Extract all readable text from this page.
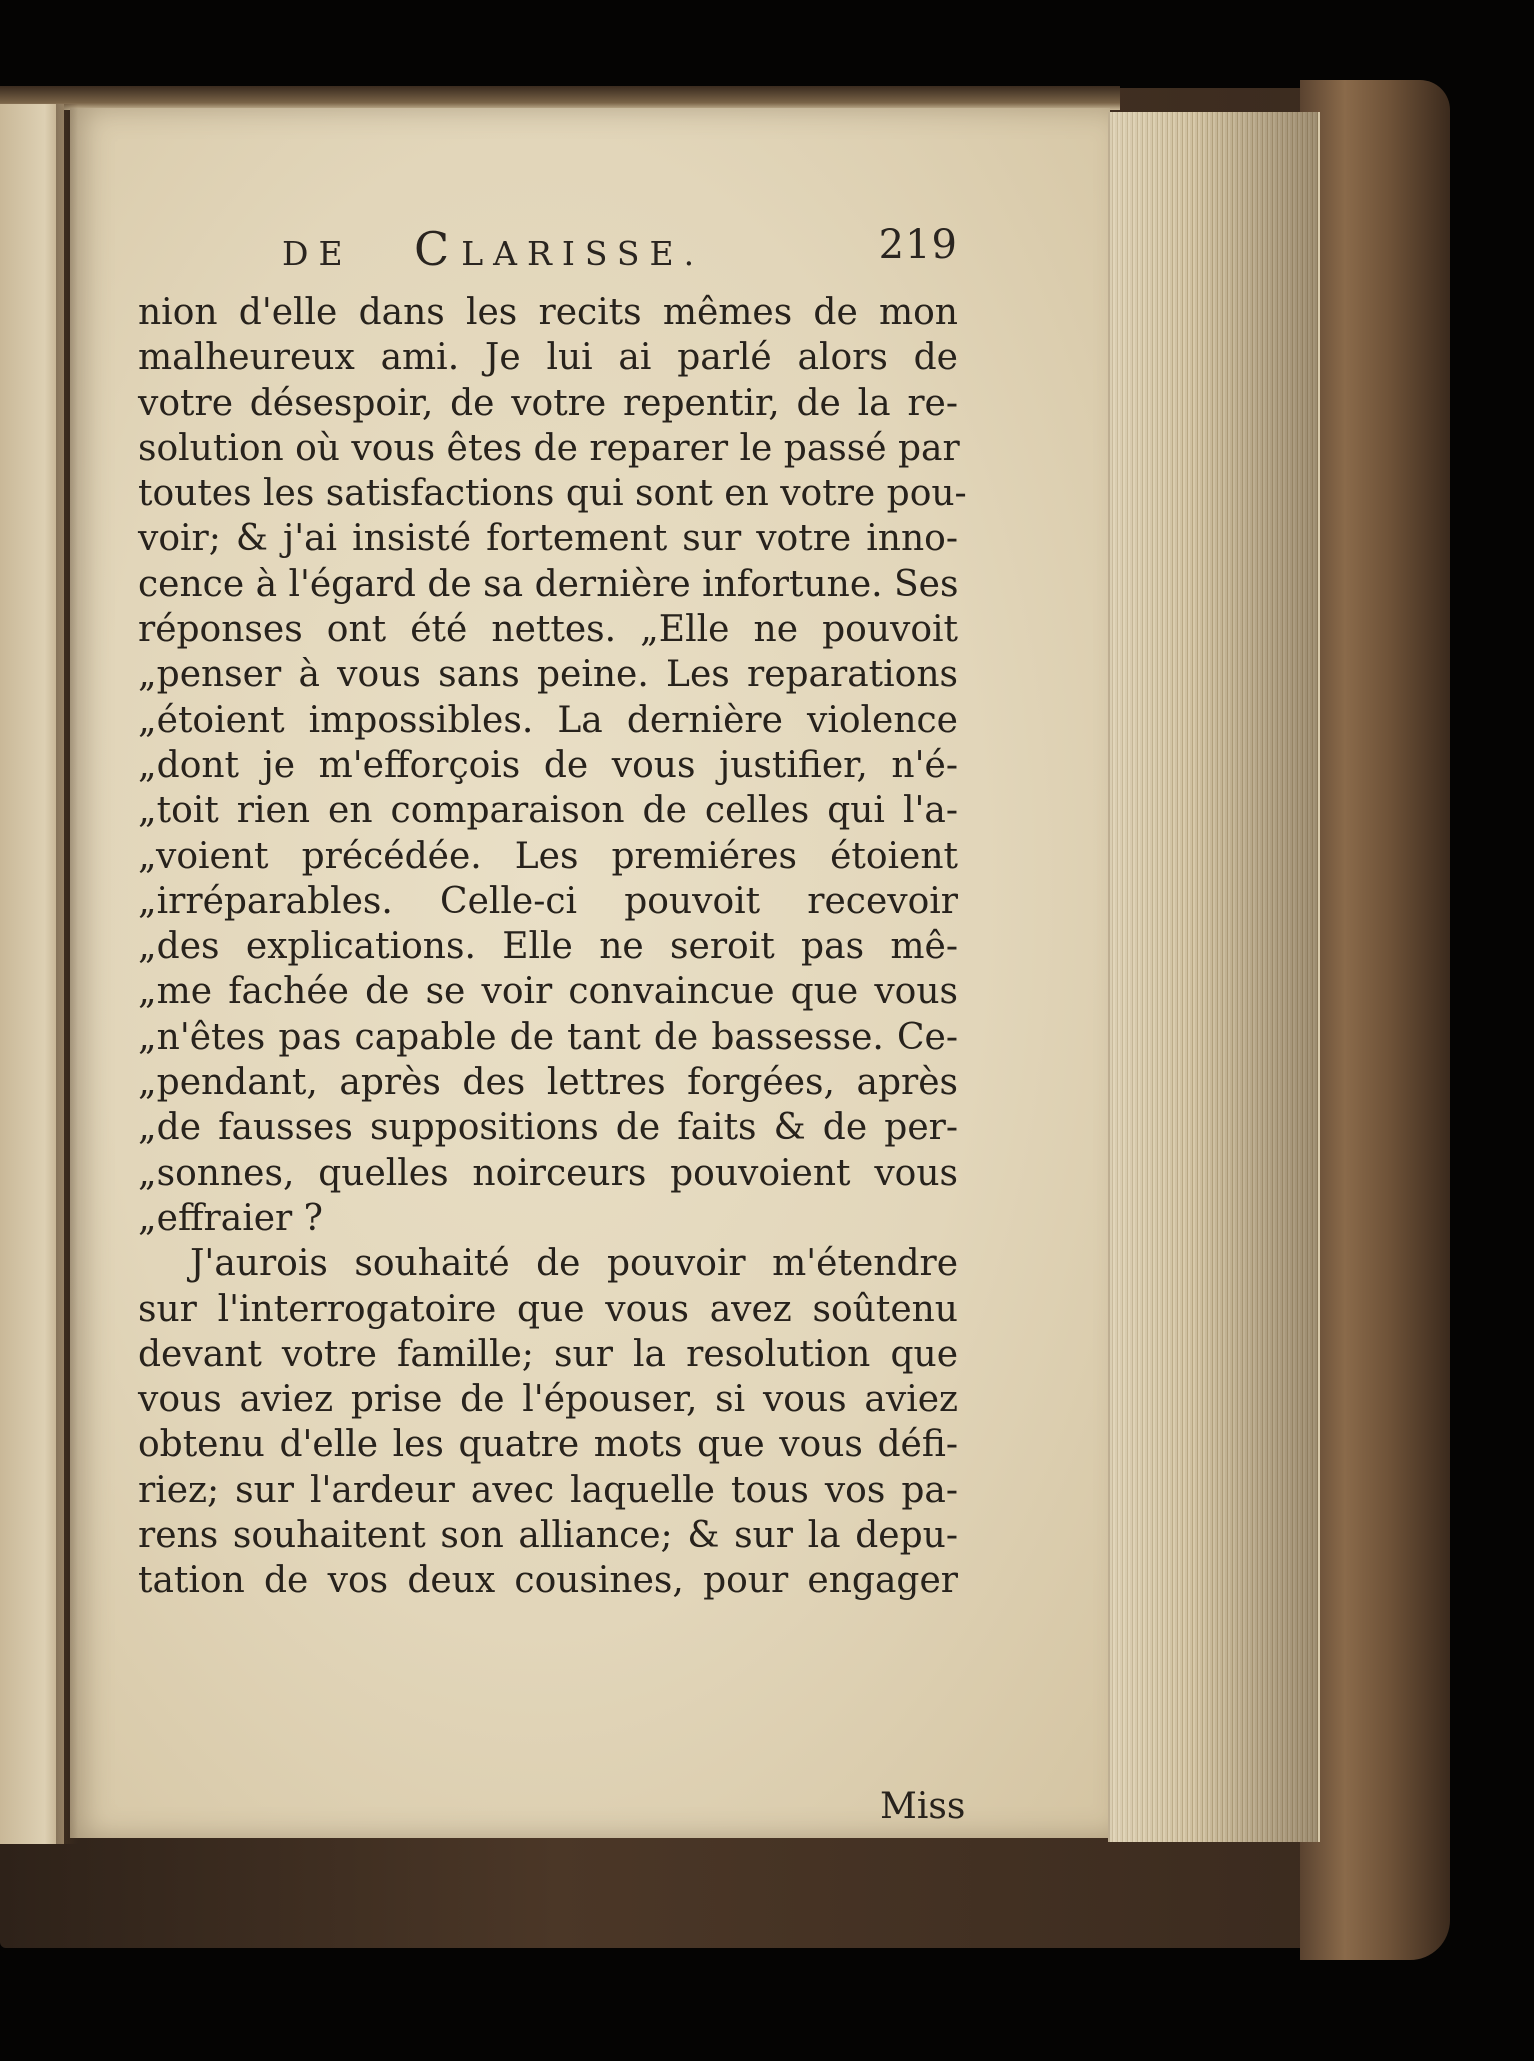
DE CLARISSE.	219
nion d'elle dans les recits mêmes de mon
malheureux ami. Je lui ai parlé alors de
votre désespoir, de votre repentir, de la re-
solution où vous êtes de reparer le passé par
toutes les satisfactions qui sont en votre pou-
voir; & j'ai insisté fortement sur votre inno-
cence à l'égard de sa dernière infortune. Ses
réponses ont été nettes. „Elle ne pouvoit
„penser à vous sans peine. Les reparations
„étoient impossibles. La dernière violence
„dont je m'efforçois de vous justifier, n'é-
„toit rien en comparaison de celles qui l'a-
„voient précédée. Les premiéres étoient
„irréparables. Celle-ci pouvoit recevoir
„des explications. Elle ne seroit pas mê-
„me fachée de se voir convaincue que vous
„n'êtes pas capable de tant de bassesse. Ce-
„pendant, après des lettres forgées, après
„de fausses suppositions de faits & de per-
„sonnes, quelles noirceurs pouvoient vous
„effraier ?
J'aurois souhaité de pouvoir m'étendre
sur l'interrogatoire que vous avez soûtenu
devant votre famille; sur la resolution que
vous aviez prise de l'épouser, si vous aviez
obtenu d'elle les quatre mots que vous défi-
riez; sur l'ardeur avec laquelle tous vos pa-
rens souhaitent son alliance; & sur la depu-
tation de vos deux cousines, pour engager
Miss
